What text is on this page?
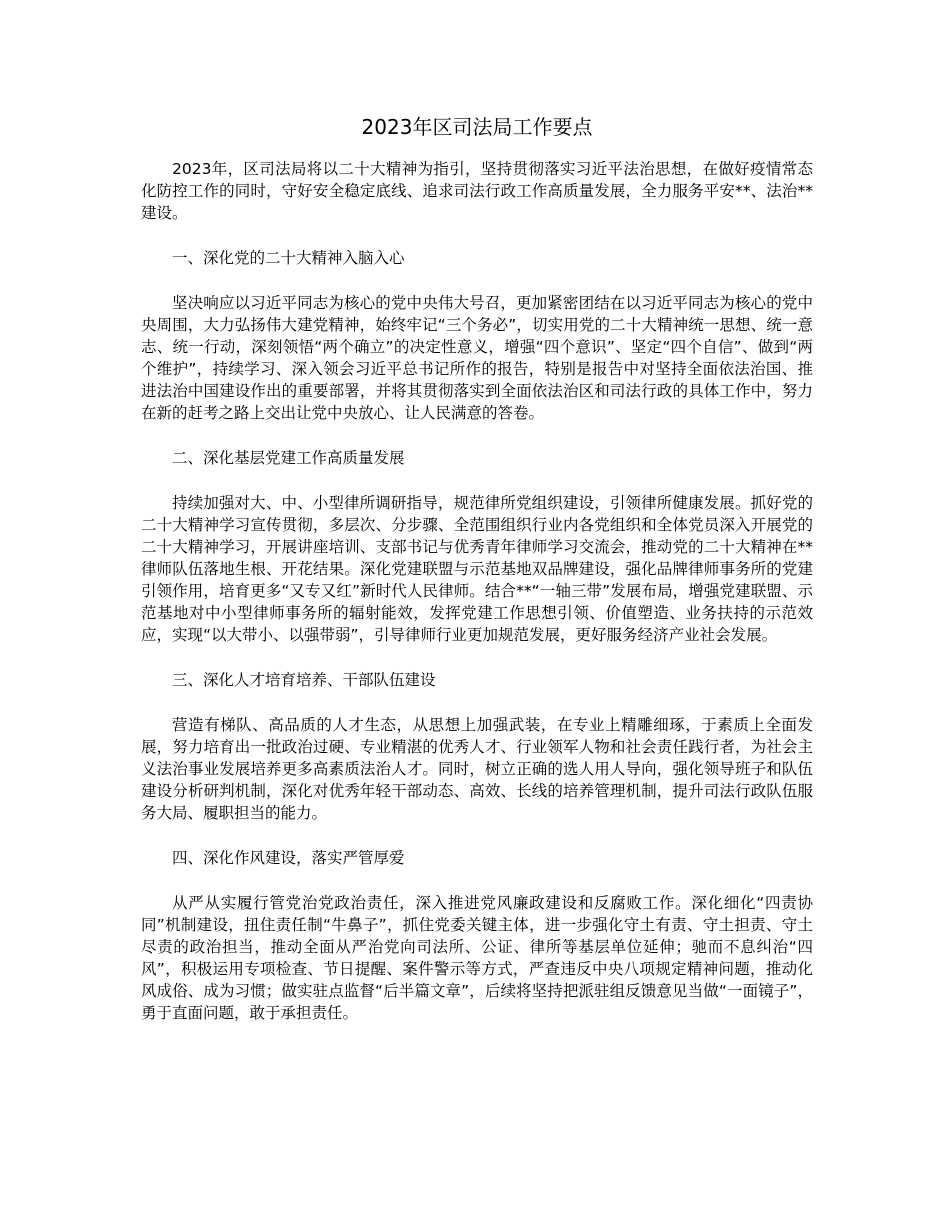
2023年区司法局工作要点

2023年，区司法局将以二十大精神为指引，坚持贯彻落实习近平法治思想，在做好疫情常态化防控工作的同时，守好安全稳定底线、追求司法行政工作高质量发展，全力服务平安**、法治**建设。

一、深化党的二十大精神入脑入心

坚决响应以习近平同志为核心的党中央伟大号召，更加紧密团结在以习近平同志为核心的党中央周围，大力弘扬伟大建党精神，始终牢记“三个务必”，切实用党的二十大精神统一思想、统一意志、统一行动，深刻领悟“两个确立”的决定性意义，增强“四个意识”、坚定“四个自信”、做到“两个维护”，持续学习、深入领会习近平总书记所作的报告，特别是报告中对坚持全面依法治国、推进法治中国建设作出的重要部署，并将其贯彻落实到全面依法治区和司法行政的具体工作中，努力在新的赶考之路上交出让党中央放心、让人民满意的答卷。

二、深化基层党建工作高质量发展

持续加强对大、中、小型律所调研指导，规范律所党组织建设，引领律所健康发展。抓好党的二十大精神学习宣传贯彻，多层次、分步骤、全范围组织行业内各党组织和全体党员深入开展党的二十大精神学习，开展讲座培训、支部书记与优秀青年律师学习交流会，推动党的二十大精神在**律师队伍落地生根、开花结果。深化党建联盟与示范基地双品牌建设，强化品牌律师事务所的党建引领作用，培育更多“又专又红”新时代人民律师。结合**“一轴三带”发展布局，增强党建联盟、示范基地对中小型律师事务所的辐射能效，发挥党建工作思想引领、价值塑造、业务扶持的示范效应，实现“以大带小、以强带弱”，引导律师行业更加规范发展，更好服务经济产业社会发展。

三、深化人才培育培养、干部队伍建设

营造有梯队、高品质的人才生态，从思想上加强武装，在专业上精雕细琢，于素质上全面发展，努力培育出一批政治过硬、专业精湛的优秀人才、行业领军人物和社会责任践行者，为社会主义法治事业发展培养更多高素质法治人才。同时，树立正确的选人用人导向，强化领导班子和队伍建设分析研判机制，深化对优秀年轻干部动态、高效、长线的培养管理机制，提升司法行政队伍服务大局、履职担当的能力。

四、深化作风建设，落实严管厚爱

从严从实履行管党治党政治责任，深入推进党风廉政建设和反腐败工作。深化细化“四责协同”机制建设，扭住责任制“牛鼻子”，抓住党委关键主体，进一步强化守土有责、守土担责、守土尽责的政治担当，推动全面从严治党向司法所、公证、律所等基层单位延伸；驰而不息纠治“四风”，积极运用专项检查、节日提醒、案件警示等方式，严查违反中央八项规定精神问题，推动化风成俗、成为习惯；做实驻点监督“后半篇文章”，后续将坚持把派驻组反馈意见当做“一面镜子”，勇于直面问题，敢于承担责任。
